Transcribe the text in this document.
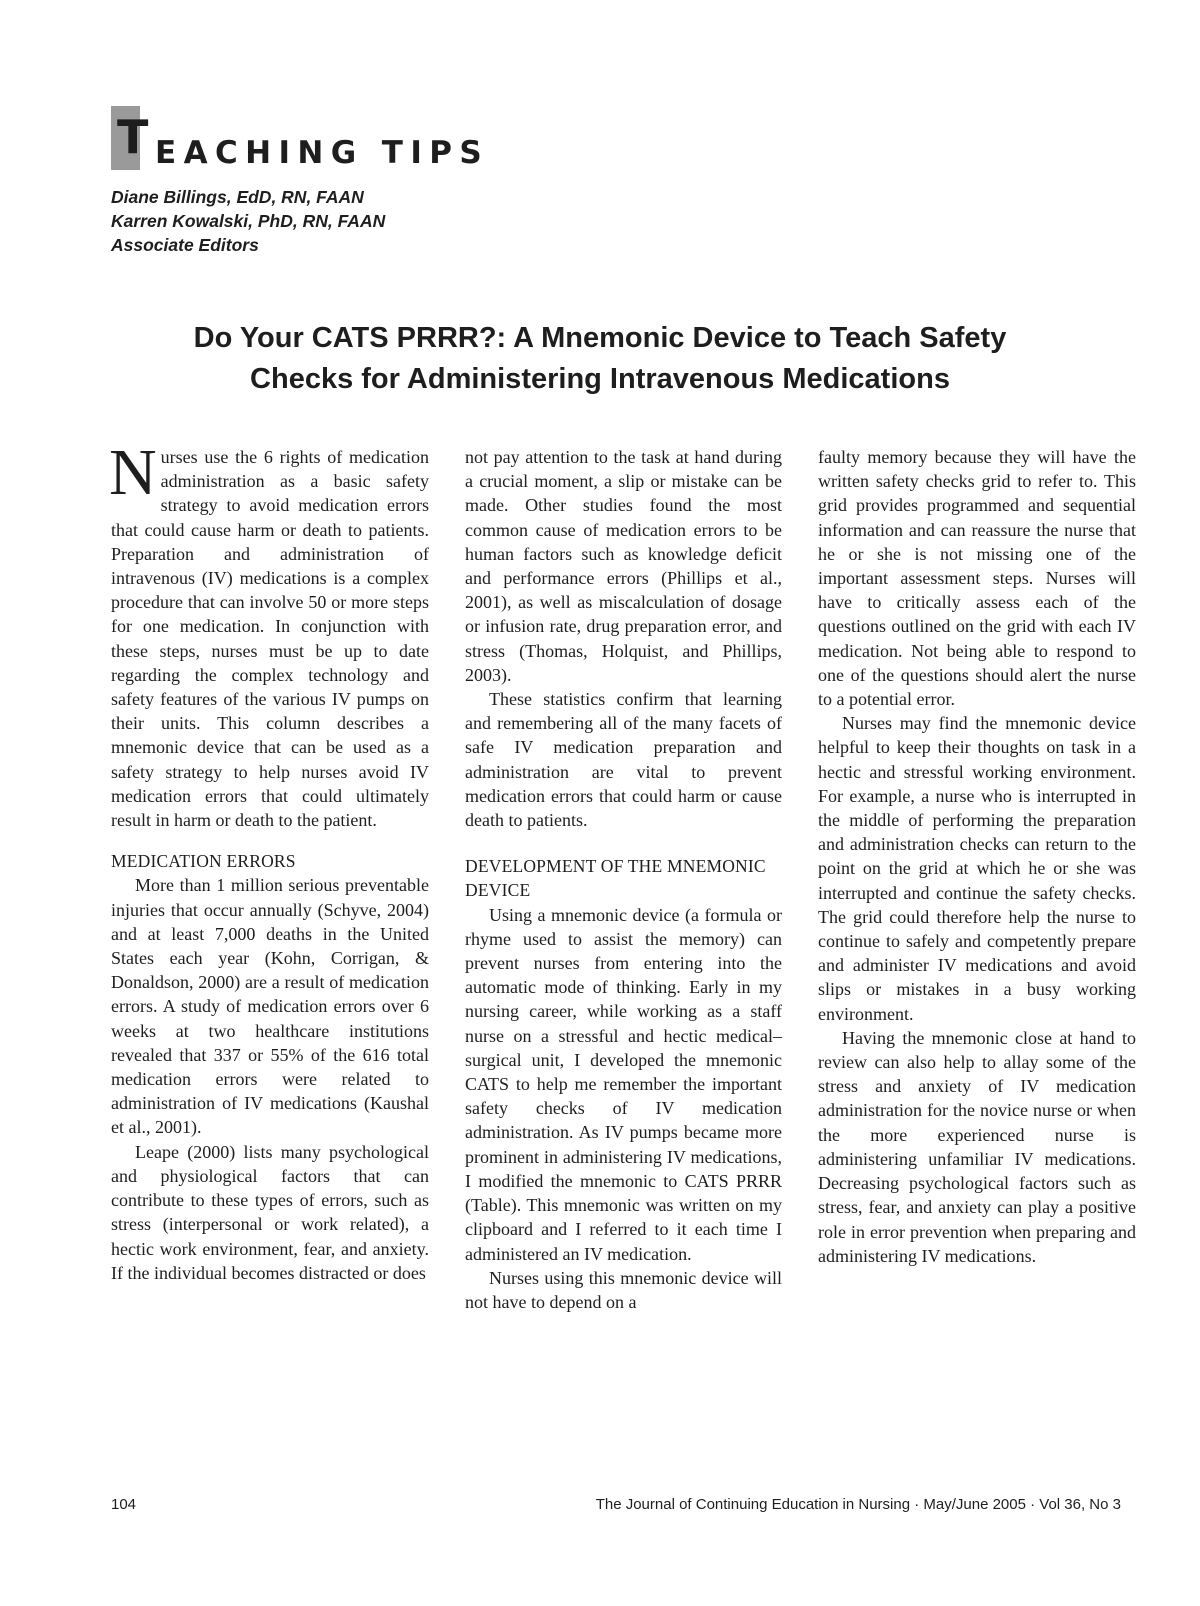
T EACHING TIPS
Diane Billings, EdD, RN, FAAN
Karren Kowalski, PhD, RN, FAAN
Associate Editors
Do Your CATS PRRR?: A Mnemonic Device to Teach Safety
Checks for Administering Intravenous Medications

Nurses use the 6 rights of medication administration as a basic safety strategy to avoid medication errors that could cause harm or death to patients. Preparation and administration of intravenous (IV) medications is a complex procedure that can involve 50 or more steps for one medication. In conjunction with these steps, nurses must be up to date regarding the complex technology and safety features of the various IV pumps on their units. This column describes a mnemonic device that can be used as a safety strategy to help nurses avoid IV medication errors that could ultimately result in harm or death to the patient.

MEDICATION ERRORS

More than 1 million serious preventable injuries that occur annually (Schyve, 2004) and at least 7,000 deaths in the United States each year (Kohn, Corrigan, & Donaldson, 2000) are a result of medication errors. A study of medication errors over 6 weeks at two healthcare institutions revealed that 337 or 55% of the 616 total medication errors were related to administration of IV medications (Kaushal et al., 2001).

Leape (2000) lists many psychological and physiological factors that can contribute to these types of errors, such as stress (interpersonal or work related), a hectic work environment, fear, and anxiety. If the individual becomes distracted or does

not pay attention to the task at hand during a crucial moment, a slip or mistake can be made. Other studies found the most common cause of medication errors to be human factors such as knowledge deficit and performance errors (Phillips et al., 2001), as well as miscalculation of dosage or infusion rate, drug preparation error, and stress (Thomas, Holquist, and Phillips, 2003).

These statistics confirm that learning and remembering all of the many facets of safe IV medication preparation and administration are vital to prevent medication errors that could harm or cause death to patients.

DEVELOPMENT OF THE MNEMONIC DEVICE

Using a mnemonic device (a formula or rhyme used to assist the memory) can prevent nurses from entering into the automatic mode of thinking. Early in my nursing career, while working as a staff nurse on a stressful and hectic medical–surgical unit, I developed the mnemonic CATS to help me remember the important safety checks of IV medication administration. As IV pumps became more prominent in administering IV medications, I modified the mnemonic to CATS PRRR (Table). This mnemonic was written on my clipboard and I referred to it each time I administered an IV medication.

Nurses using this mnemonic device will not have to depend on a

faulty memory because they will have the written safety checks grid to refer to. This grid provides programmed and sequential information and can reassure the nurse that he or she is not missing one of the important assessment steps. Nurses will have to critically assess each of the questions outlined on the grid with each IV medication. Not being able to respond to one of the questions should alert the nurse to a potential error.

Nurses may find the mnemonic device helpful to keep their thoughts on task in a hectic and stressful working environment. For example, a nurse who is interrupted in the middle of performing the preparation and administration checks can return to the point on the grid at which he or she was interrupted and continue the safety checks. The grid could therefore help the nurse to continue to safely and competently prepare and administer IV medications and avoid slips or mistakes in a busy working environment.

Having the mnemonic close at hand to review can also help to allay some of the stress and anxiety of IV medication administration for the novice nurse or when the more experienced nurse is administering unfamiliar IV medications. Decreasing psychological factors such as stress, fear, and anxiety can play a positive role in error prevention when preparing and administering IV medications.

104	The Journal of Continuing Education in Nursing · May/June 2005 · Vol 36, No 3
